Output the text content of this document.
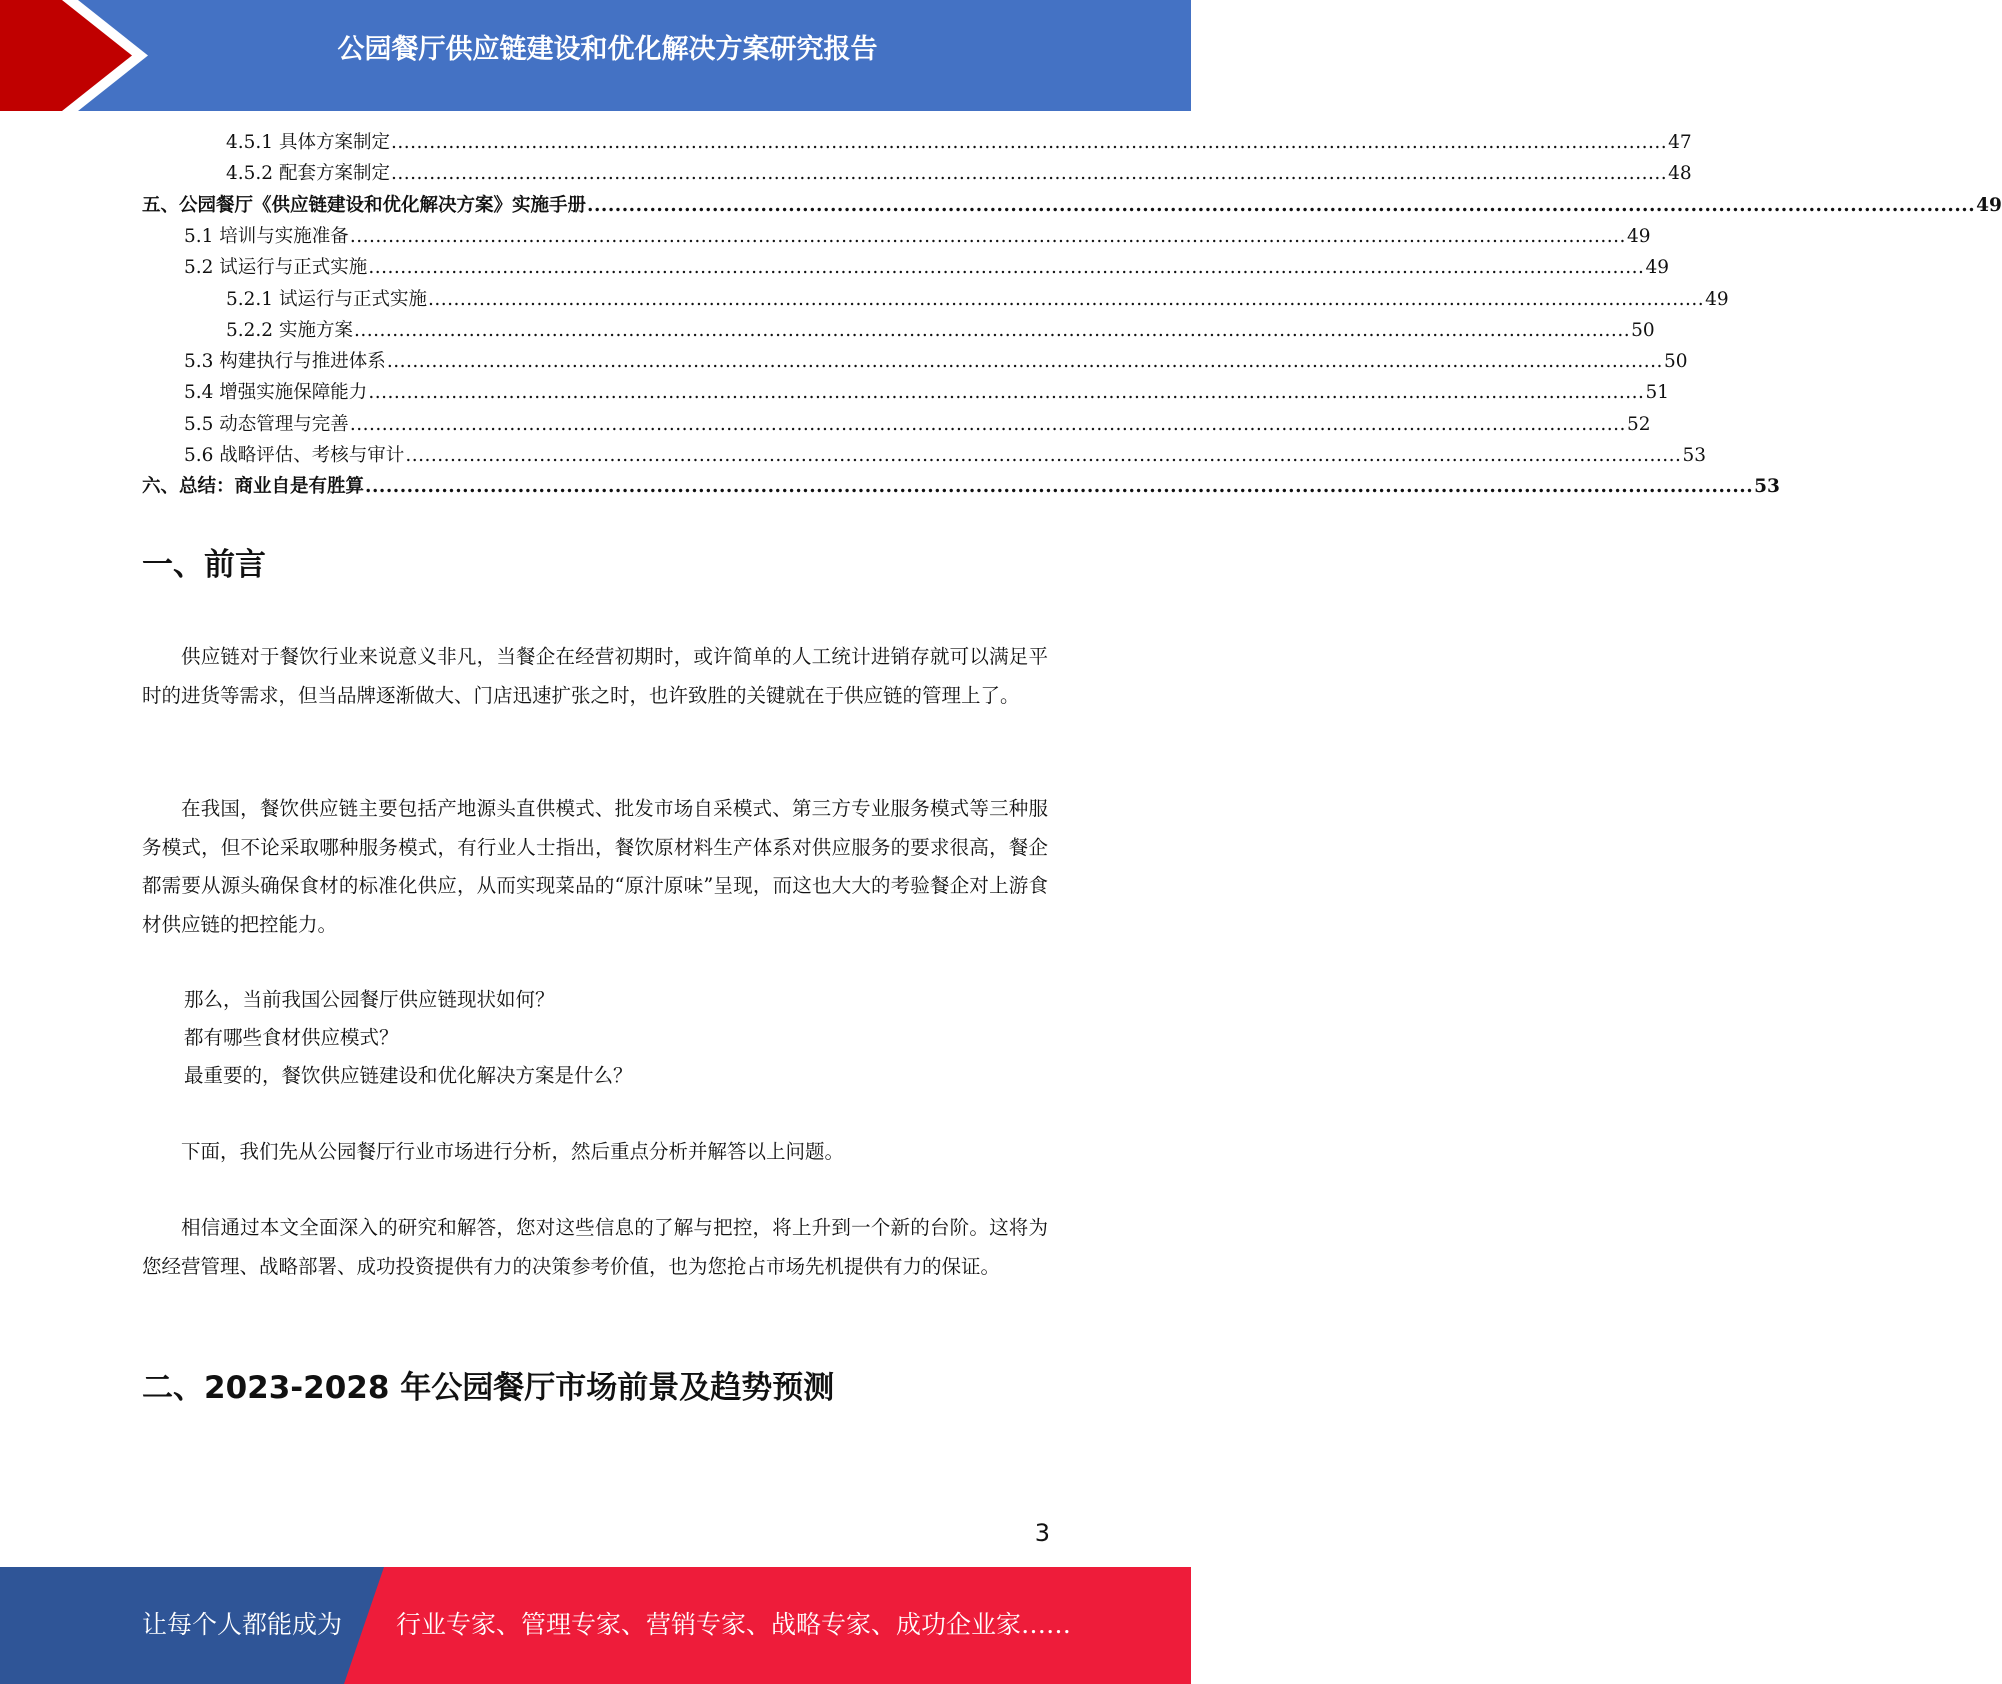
公园餐厅供应链建设和优化解决方案研究报告
4.5.1 具体方案制定 ........................................................................................................................................................................................................ 47
4.5.2 配套方案制定 ........................................................................................................................................................................................................ 48
五、公园餐厅《供应链建设和优化解决方案》实施手册 ........................................................................................................................................................................................................ 49
5.1 培训与实施准备 ........................................................................................................................................................................................................ 49
5.2 试运行与正式实施 ........................................................................................................................................................................................................ 49
5.2.1 试运行与正式实施 ........................................................................................................................................................................................................ 49
5.2.2 实施方案 ........................................................................................................................................................................................................ 50
5.3 构建执行与推进体系 ........................................................................................................................................................................................................ 50
5.4 增强实施保障能力 ........................................................................................................................................................................................................ 51
5.5 动态管理与完善 ........................................................................................................................................................................................................ 52
5.6 战略评估、考核与审计 ........................................................................................................................................................................................................ 53
六、总结：商业自是有胜算 ........................................................................................................................................................................................................ 53
一、前言

供应链对于餐饮行业来说意义非凡，当餐企在经营初期时，或许简单的人工统计进销存就可以满足平时的进货等需求，但当品牌逐渐做大、门店迅速扩张之时，也许致胜的关键就在于供应链的管理上了。

在我国，餐饮供应链主要包括产地源头直供模式、批发市场自采模式、第三方专业服务模式等三种服务模式，但不论采取哪种服务模式，有行业人士指出，餐饮原材料生产体系对供应服务的要求很高，餐企都需要从源头确保食材的标准化供应，从而实现菜品的“原汁原味”呈现，而这也大大的考验餐企对上游食材供应链的把控能力。

那么，当前我国公园餐厅供应链现状如何？
都有哪些食材供应模式？
最重要的，餐饮供应链建设和优化解决方案是什么？

下面，我们先从公园餐厅行业市场进行分析，然后重点分析并解答以上问题。

相信通过本文全面深入的研究和解答，您对这些信息的了解与把控，将上升到一个新的台阶。这将为您经营管理、战略部署、成功投资提供有力的决策参考价值，也为您抢占市场先机提供有力的保证。

二、2023-2028 年公园餐厅市场前景及趋势预测
3
让每个人都能成为 行业专家、管理专家、营销专家、战略专家、成功企业家……
